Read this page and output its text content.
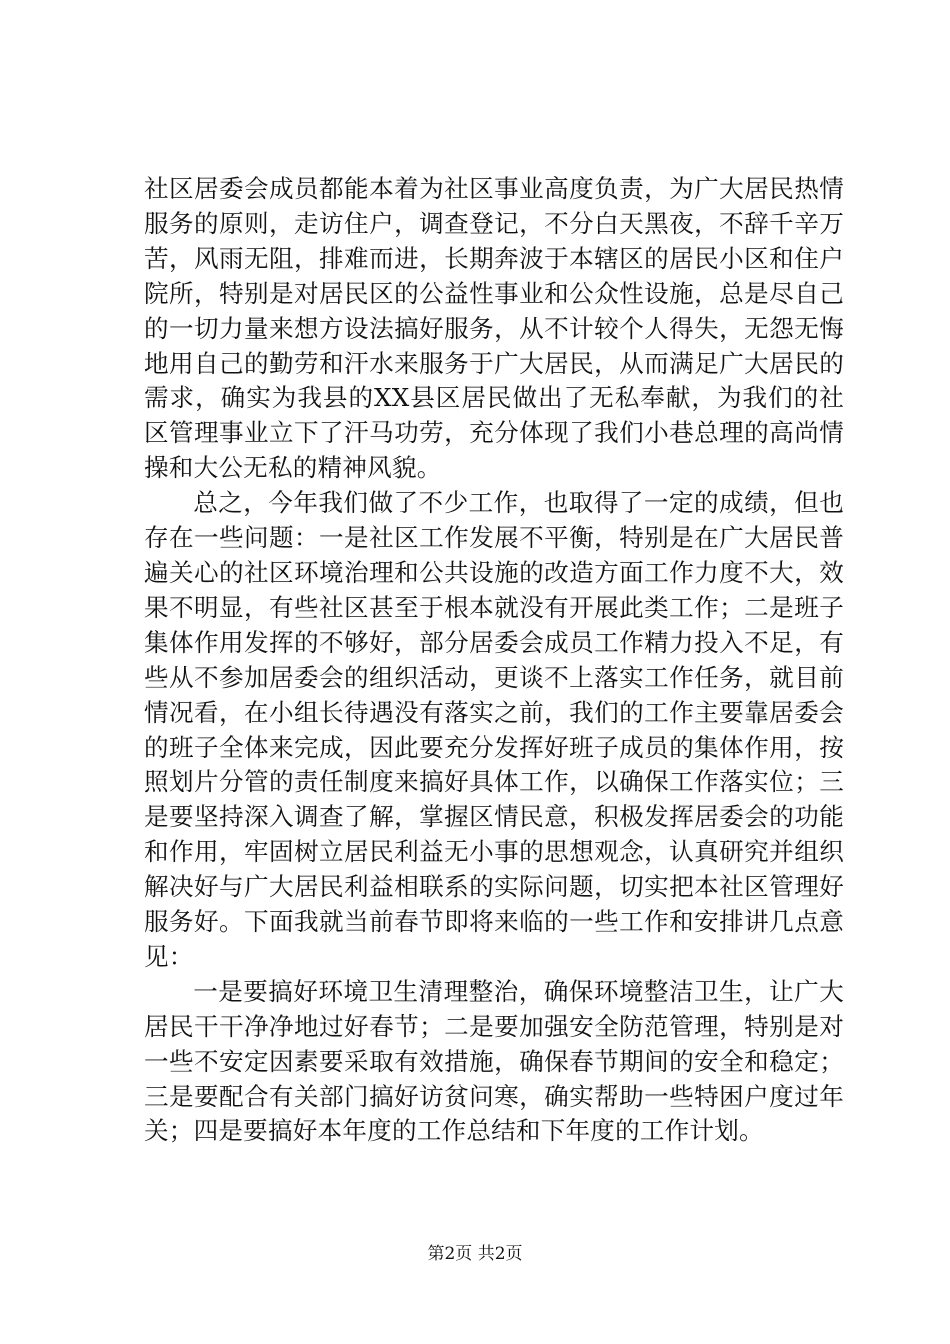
社区居委会成员都能本着为社区事业高度负责，为广大居民热情服务的原则，走访住户，调查登记，不分白天黑夜，不辞千辛万苦，风雨无阻，排难而进，长期奔波于本辖区的居民小区和住户院所，特别是对居民区的公益性事业和公众性设施，总是尽自己的一切力量来想方设法搞好服务，从不计较个人得失，无怨无悔地用自己的勤劳和汗水来服务于广大居民，从而满足广大居民的需求，确实为我县的XX县区居民做出了无私奉献，为我们的社区管理事业立下了汗马功劳，充分体现了我们小巷总理的高尚情操和大公无私的精神风貌。

总之，今年我们做了不少工作，也取得了一定的成绩，但也存在一些问题：一是社区工作发展不平衡，特别是在广大居民普遍关心的社区环境治理和公共设施的改造方面工作力度不大，效果不明显，有些社区甚至于根本就没有开展此类工作；二是班子集体作用发挥的不够好，部分居委会成员工作精力投入不足，有些从不参加居委会的组织活动，更谈不上落实工作任务，就目前情况看，在小组长待遇没有落实之前，我们的工作主要靠居委会的班子全体来完成，因此要充分发挥好班子成员的集体作用，按照划片分管的责任制度来搞好具体工作，以确保工作落实位；三是要坚持深入调查了解，掌握区情民意，积极发挥居委会的功能和作用，牢固树立居民利益无小事的思想观念，认真研究并组织解决好与广大居民利益相联系的实际问题，切实把本社区管理好服务好。下面我就当前春节即将来临的一些工作和安排讲几点意见：

一是要搞好环境卫生清理整治，确保环境整洁卫生，让广大居民干干净净地过好春节；二是要加强安全防范管理，特别是对一些不安定因素要采取有效措施，确保春节期间的安全和稳定；三是要配合有关部门搞好访贫问寒，确实帮助一些特困户度过年关；四是要搞好本年度的工作总结和下年度的工作计划。

第2页 共2页
